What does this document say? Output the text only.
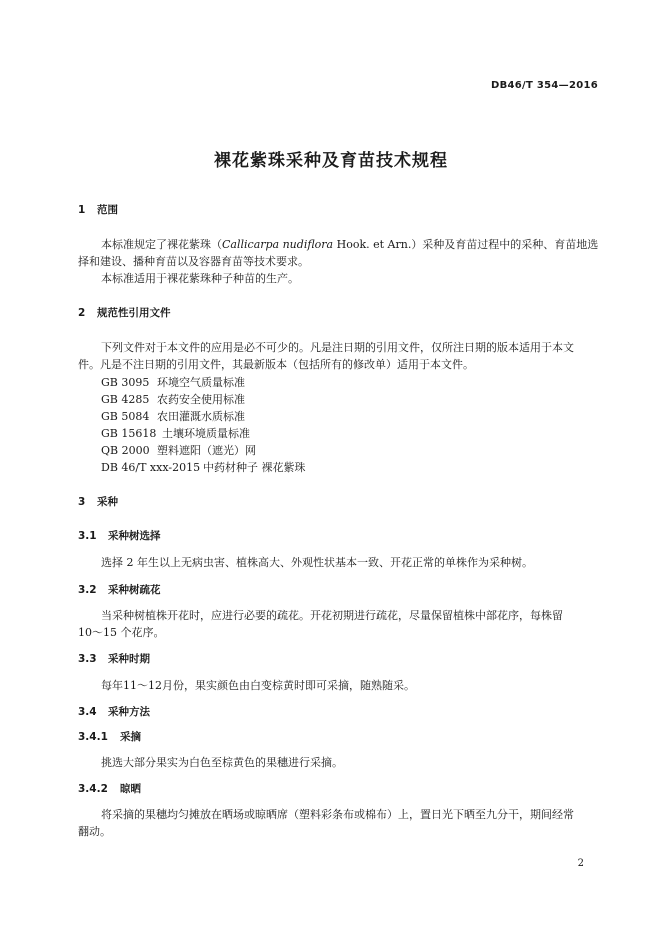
DB46/T 354—2016
裸花紫珠采种及育苗技术规程
1 范围
本标准规定了裸花紫珠（Callicarpa nudiflora Hook. et Arn.）采种及育苗过程中的采种、育苗地选
择和建设、播种育苗以及容器育苗等技术要求。
本标准适用于裸花紫珠种子种苗的生产。
2 规范性引用文件
下列文件对于本文件的应用是必不可少的。凡是注日期的引用文件，仅所注日期的版本适用于本文
件。凡是不注日期的引用文件，其最新版本（包括所有的修改单）适用于本文件。
GB 3095 环境空气质量标准
GB 4285 农药安全使用标准
GB 5084 农田灌溉水质标准
GB 15618 土壤环境质量标准
QB 2000 塑料遮阳（遮光）网
DB 46/T xxx-2015 中药材种子 裸花紫珠
3 采种
3.1 采种树选择
选择 2 年生以上无病虫害、植株高大、外观性状基本一致、开花正常的单株作为采种树。
3.2 采种树疏花
当采种树植株开花时，应进行必要的疏花。开花初期进行疏花，尽量保留植株中部花序，每株留
10～15 个花序。
3.3 采种时期
每年11～12月份，果实颜色由白变棕黄时即可采摘，随熟随采。
3.4 采种方法
3.4.1 采摘
挑选大部分果实为白色至棕黄色的果穗进行采摘。
3.4.2 晾晒
将采摘的果穗均匀摊放在晒场或晾晒席（塑料彩条布或棉布）上，置日光下晒至九分干，期间经常
翻动。
2
